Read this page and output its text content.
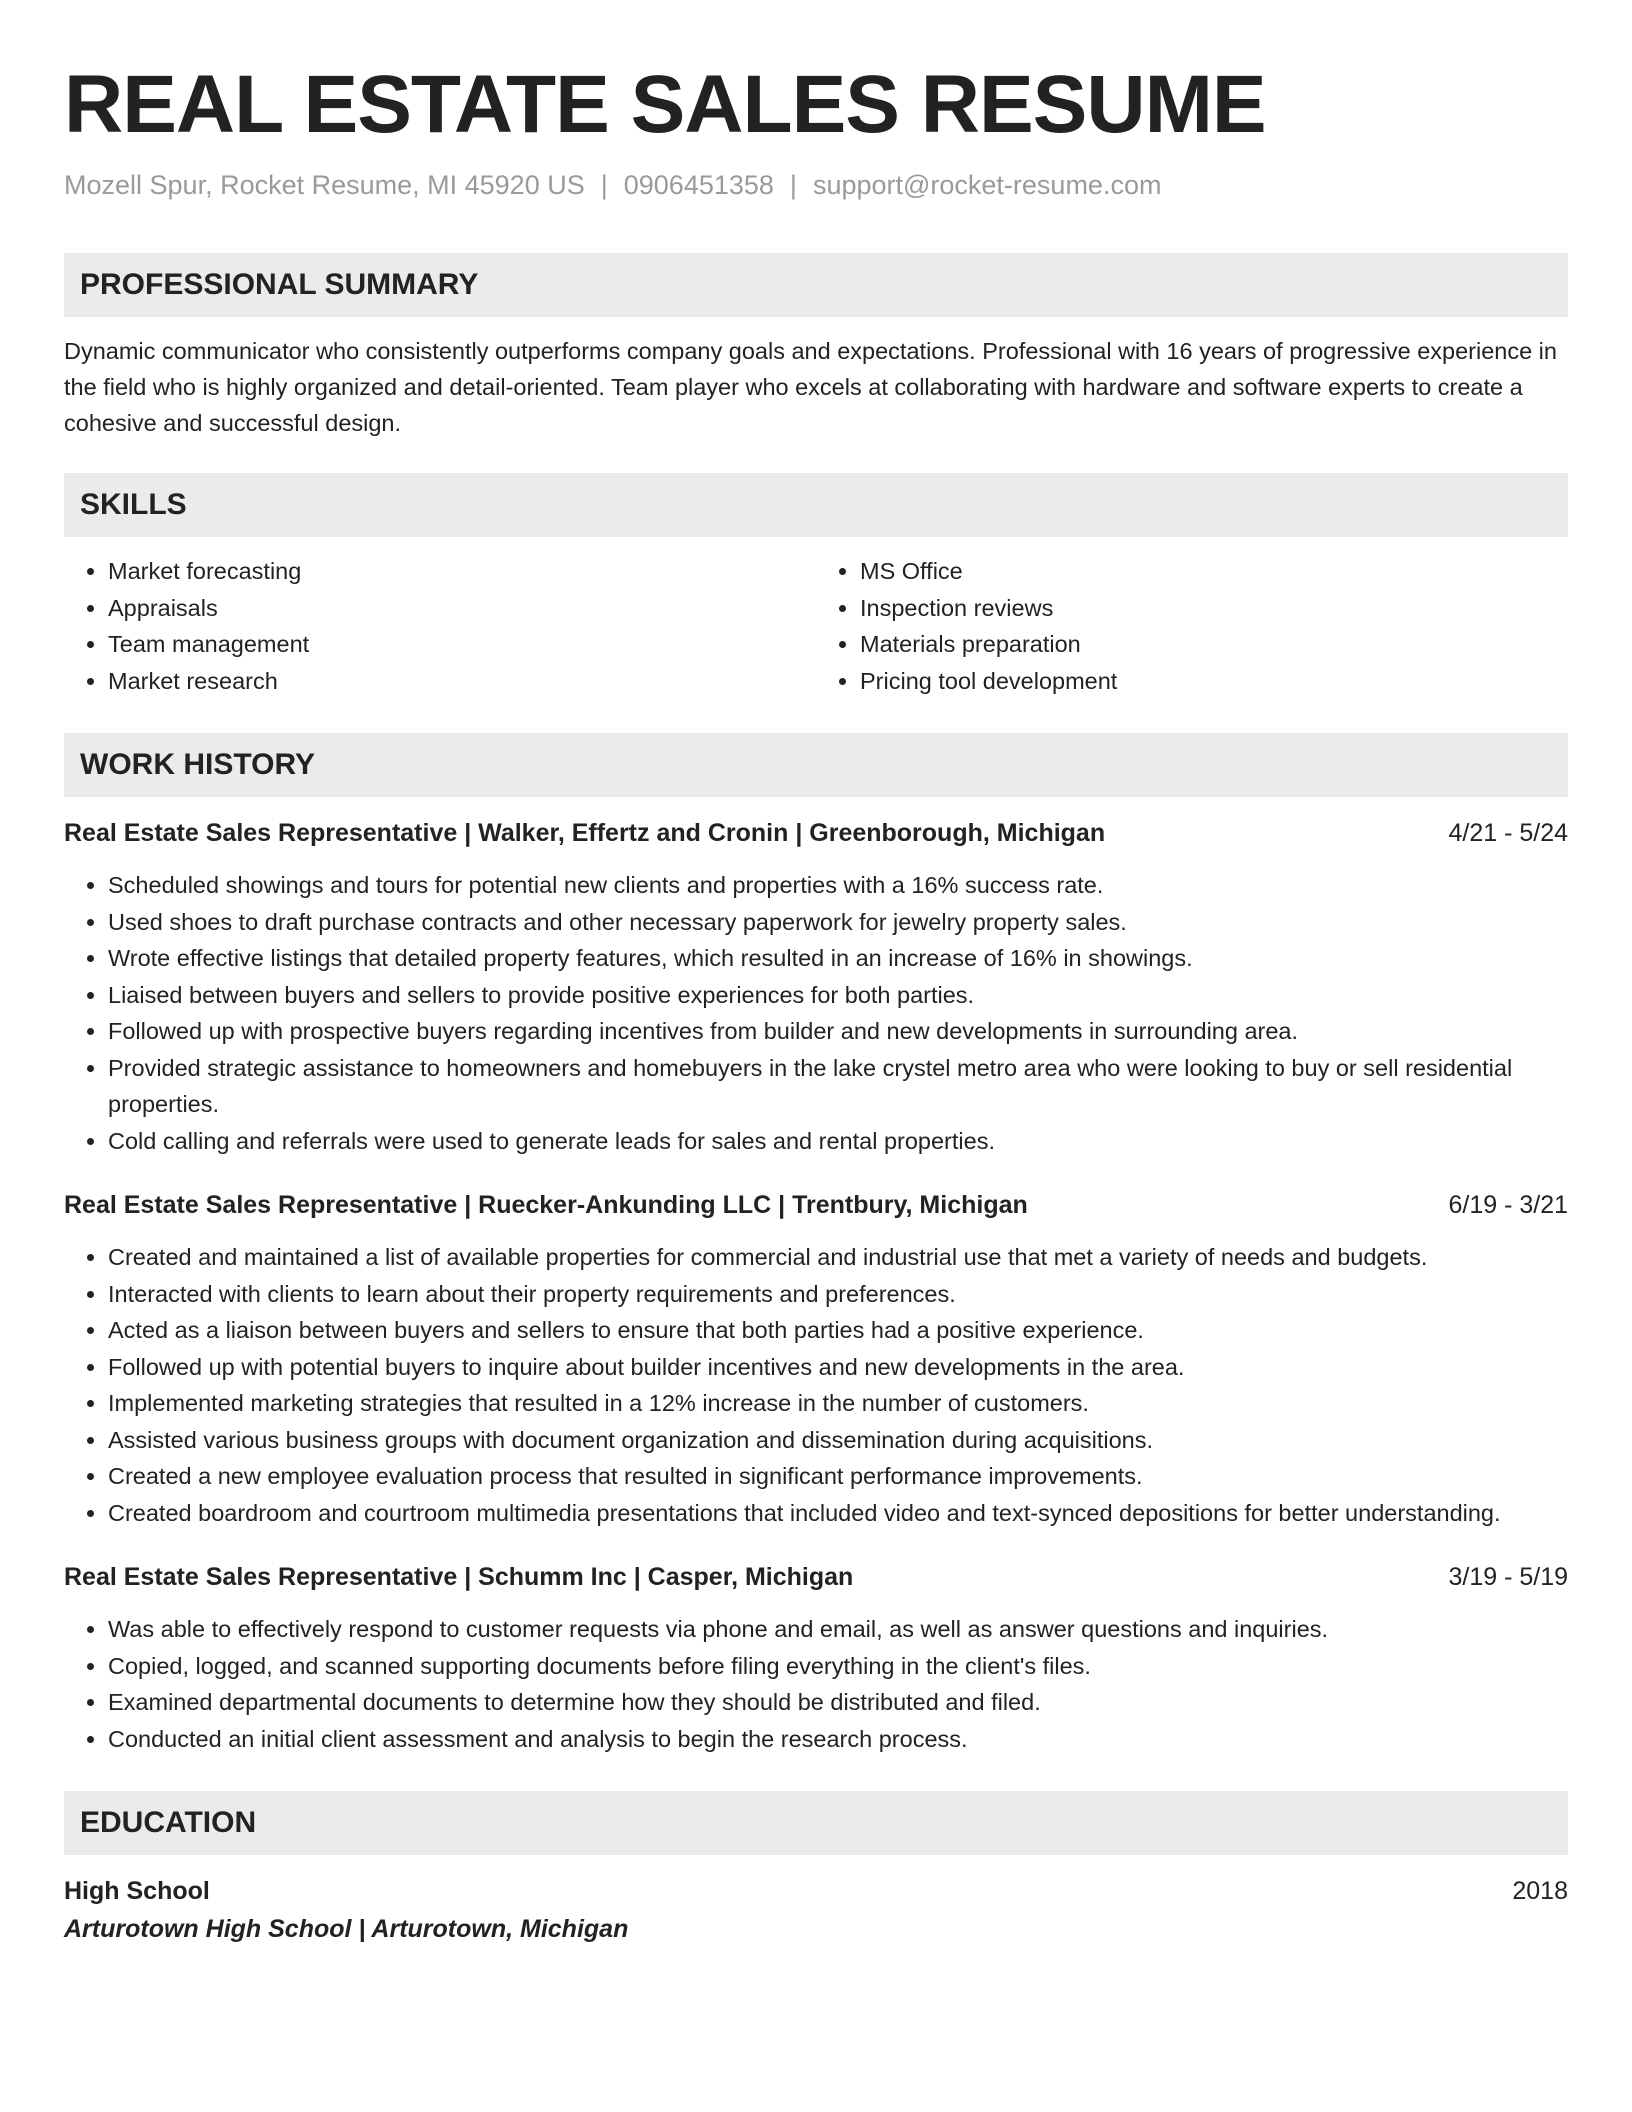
REAL ESTATE SALES RESUME
Mozell Spur, Rocket Resume, MI 45920 US | 0906451358 | support@rocket-resume.com
PROFESSIONAL SUMMARY
Dynamic communicator who consistently outperforms company goals and expectations. Professional with 16 years of progressive experience in the field who is highly organized and detail-oriented. Team player who excels at collaborating with hardware and software experts to create a cohesive and successful design.
SKILLS
• Market forecasting
• Appraisals
• Team management
• Market research
• MS Office
• Inspection reviews
• Materials preparation
• Pricing tool development
WORK HISTORY
Real Estate Sales Representative | Walker, Effertz and Cronin | Greenborough, Michigan	4/21 - 5/24
• Scheduled showings and tours for potential new clients and properties with a 16% success rate.
• Used shoes to draft purchase contracts and other necessary paperwork for jewelry property sales.
• Wrote effective listings that detailed property features, which resulted in an increase of 16% in showings.
• Liaised between buyers and sellers to provide positive experiences for both parties.
• Followed up with prospective buyers regarding incentives from builder and new developments in surrounding area.
• Provided strategic assistance to homeowners and homebuyers in the lake crystel metro area who were looking to buy or sell residential properties.
• Cold calling and referrals were used to generate leads for sales and rental properties.
Real Estate Sales Representative | Ruecker-Ankunding LLC | Trentbury, Michigan	6/19 - 3/21
• Created and maintained a list of available properties for commercial and industrial use that met a variety of needs and budgets.
• Interacted with clients to learn about their property requirements and preferences.
• Acted as a liaison between buyers and sellers to ensure that both parties had a positive experience.
• Followed up with potential buyers to inquire about builder incentives and new developments in the area.
• Implemented marketing strategies that resulted in a 12% increase in the number of customers.
• Assisted various business groups with document organization and dissemination during acquisitions.
• Created a new employee evaluation process that resulted in significant performance improvements.
• Created boardroom and courtroom multimedia presentations that included video and text-synced depositions for better understanding.
Real Estate Sales Representative | Schumm Inc | Casper, Michigan	3/19 - 5/19
• Was able to effectively respond to customer requests via phone and email, as well as answer questions and inquiries.
• Copied, logged, and scanned supporting documents before filing everything in the client's files.
• Examined departmental documents to determine how they should be distributed and filed.
• Conducted an initial client assessment and analysis to begin the research process.
EDUCATION
High School	2018
Arturotown High School | Arturotown, Michigan
